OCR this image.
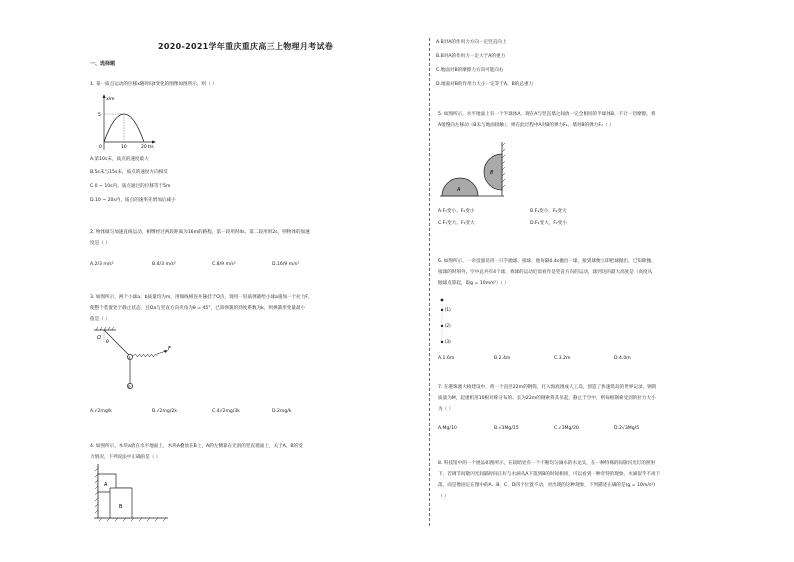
2020-2021学年重庆重庆高三上物理月考试卷
一、选择题
1. 某一质点运动的位移x随时间t变化的图像如图所示，则（ ）
x/m
5
0	10	20 t/s
A.第10s末，质点的速度最大
B.5s末与15s末，质点的速度方向相反
C.0 ~ 10s内，质点通过的位移等于5m
D.10 ~ 20s内，质点的速率先增加后减小
2. 物体做匀加速直线运动，相继经过两段距离为16m的路程，第一段用时4s，第二段用时2s，则物体的加速
度是（ ）
A.2/3 m/s²	B.4/3 m/s²	C.8/9 m/s²	D.16/9 m/s²
3. 如图所示，两个小球a、b质量均为m，用细线相连并悬挂于O点，现用一轻质弹簧给小球a施加一个拉力F，
使整个装置处于静止状态，且Oa与竖直方向夹角为θ = 45°，已知弹簧的劲度系数为k，则弹簧形变量最小
值是（ ）
O
θ
a
b
F
A.√2mg/k	B.√2mg/2k	C.4√2mg/3k	D.2mg/k
4. 如图所示，木块a放在水平地面上，木块A叠放在B上，A的左侧靠在光滑的竖直墙面上，关于A、B的受
力情况，下列说法中正确的是（ ）
A
B
A.B对A的作用力方向一定竖直向上
B.B对A的作用力一定大于A的重力
C.地面对B的摩擦力方向可能向右
D.地面对B的作用力大小一定等于A、B的总重力
5. 如图所示，水平地面上有一个半球体A，现在A与竖直墙之间放一完全相同的半球体B，不计一切摩擦，将
A缓慢向左移动（B未与地面接触），则在此过程中A对B的弹力F₁、墙对B的弹力F₂（ ）
A
B
A.F₁变小、F₂变小	B.F₁变小、F₂变大
C.F₁变大、F₂变大	D.F₁变大、F₂变小
6. 如图所示，一杂技演员用一只手抛球、接球，他每隔0.4s抛出一球，接到球便立即把球抛出，已知除抛、
接球的时刻外，空中总共有4个球，将球的运动近似看作是竖直方向的运动，球到达的最大高度是（高度从
抛球点算起，取g = 10m/s²）（ ）
(1)
(2)
(3)
A.1.6m	B.2.4m	C.3.2m	D.4.0m
7. 在港珠澳大桥建设中，将一个直径22m的钢筒，打入海底围成人工岛，创造了快速筑岛的世界记录，钢筒
质量为M，起重机用10根对称分布的、长为22m的钢索将其吊起，静止于空中，则每根钢索受到的拉力大小
为（ ）
A.Mg/10	B.√3Mg/15	C.√3Mg/20	D.2√3Mg/5
8. 科技馆中的一个展品如图所示，在较暗处有一个不断均匀滴水的水龙头，在一种特殊的间歇闪光灯的照射
下，若调节间歇闪光间隔时间正好与水滴从A下落到B的时间相同，可以看到一种奇特的现象，水滴似乎不再下
落，而是像固定在图中的A、B、C、D四个位置不动，对出现的这种现象，下列描述正确的是(g = 10m/s²)
（ ）
